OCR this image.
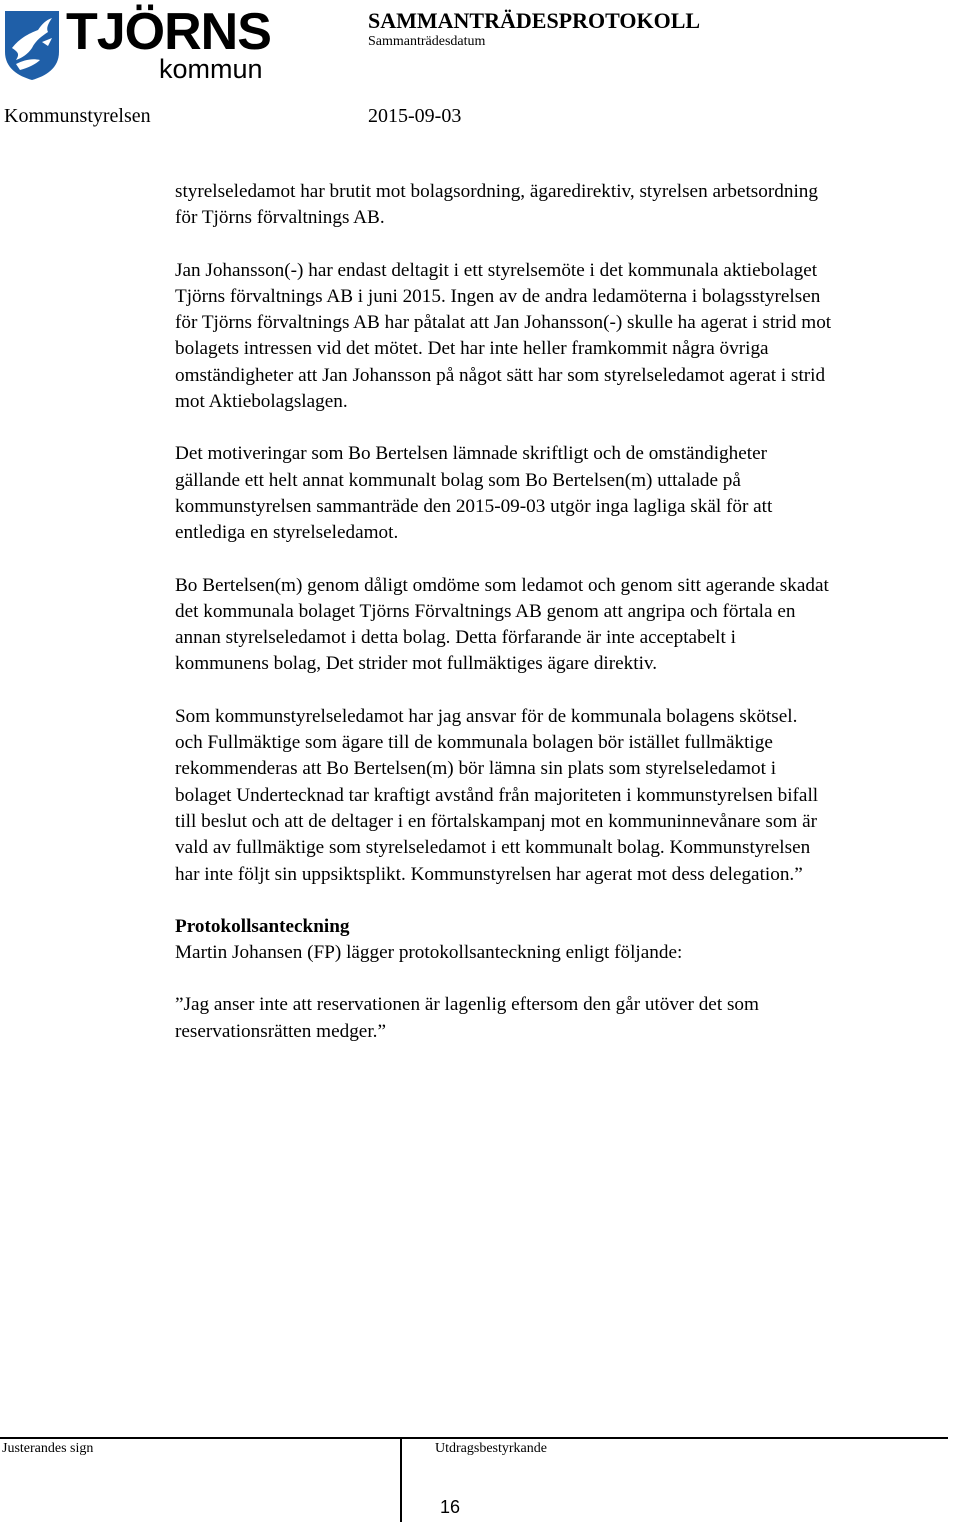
TJÖRNS
kommun
SAMMANTRÄDESPROTOKOLL
Sammanträdesdatum
Kommunstyrelsen	2015-09-03

styrelseledamot har brutit mot bolagsordning, ägaredirektiv, styrelsen arbetsordning
för Tjörns förvaltnings AB.

Jan Johansson(-) har endast deltagit i ett styrelsemöte i det kommunala aktiebolaget
Tjörns förvaltnings AB i juni 2015. Ingen av de andra ledamöterna i bolagsstyrelsen
för Tjörns förvaltnings AB har påtalat att Jan Johansson(-) skulle ha agerat i strid mot
bolagets intressen vid det mötet. Det har inte heller framkommit några övriga
omständigheter att Jan Johansson på något sätt har som styrelseledamot agerat i strid
mot Aktiebolagslagen.

Det motiveringar som Bo Bertelsen lämnade skriftligt och de omständigheter
gällande ett helt annat kommunalt bolag som Bo Bertelsen(m) uttalade på
kommunstyrelsen sammanträde den 2015-09-03 utgör inga lagliga skäl för att
entlediga en styrelseledamot.

Bo Bertelsen(m) genom dåligt omdöme som ledamot och genom sitt agerande skadat
det kommunala bolaget Tjörns Förvaltnings AB genom att angripa och förtala en
annan styrelseledamot i detta bolag. Detta förfarande är inte acceptabelt i
kommunens bolag, Det strider mot fullmäktiges ägare direktiv.

Som kommunstyrelseledamot har jag ansvar för de kommunala bolagens skötsel.
och Fullmäktige som ägare till de kommunala bolagen bör istället fullmäktige
rekommenderas att Bo Bertelsen(m) bör lämna sin plats som styrelseledamot i
bolaget Undertecknad tar kraftigt avstånd från majoriteten i kommunstyrelsen bifall
till beslut och att de deltager i en förtalskampanj mot en kommuninnevånare som är
vald av fullmäktige som styrelseledamot i ett kommunalt bolag. Kommunstyrelsen
har inte följt sin uppsiktsplikt. Kommunstyrelsen har agerat mot dess delegation.”

Protokollsanteckning

Martin Johansen (FP) lägger protokollsanteckning enligt följande:

”Jag anser inte att reservationen är lagenlig eftersom den går utöver det som
reservationsrätten medger.”

Justerandes sign	Utdragsbestyrkande
16
